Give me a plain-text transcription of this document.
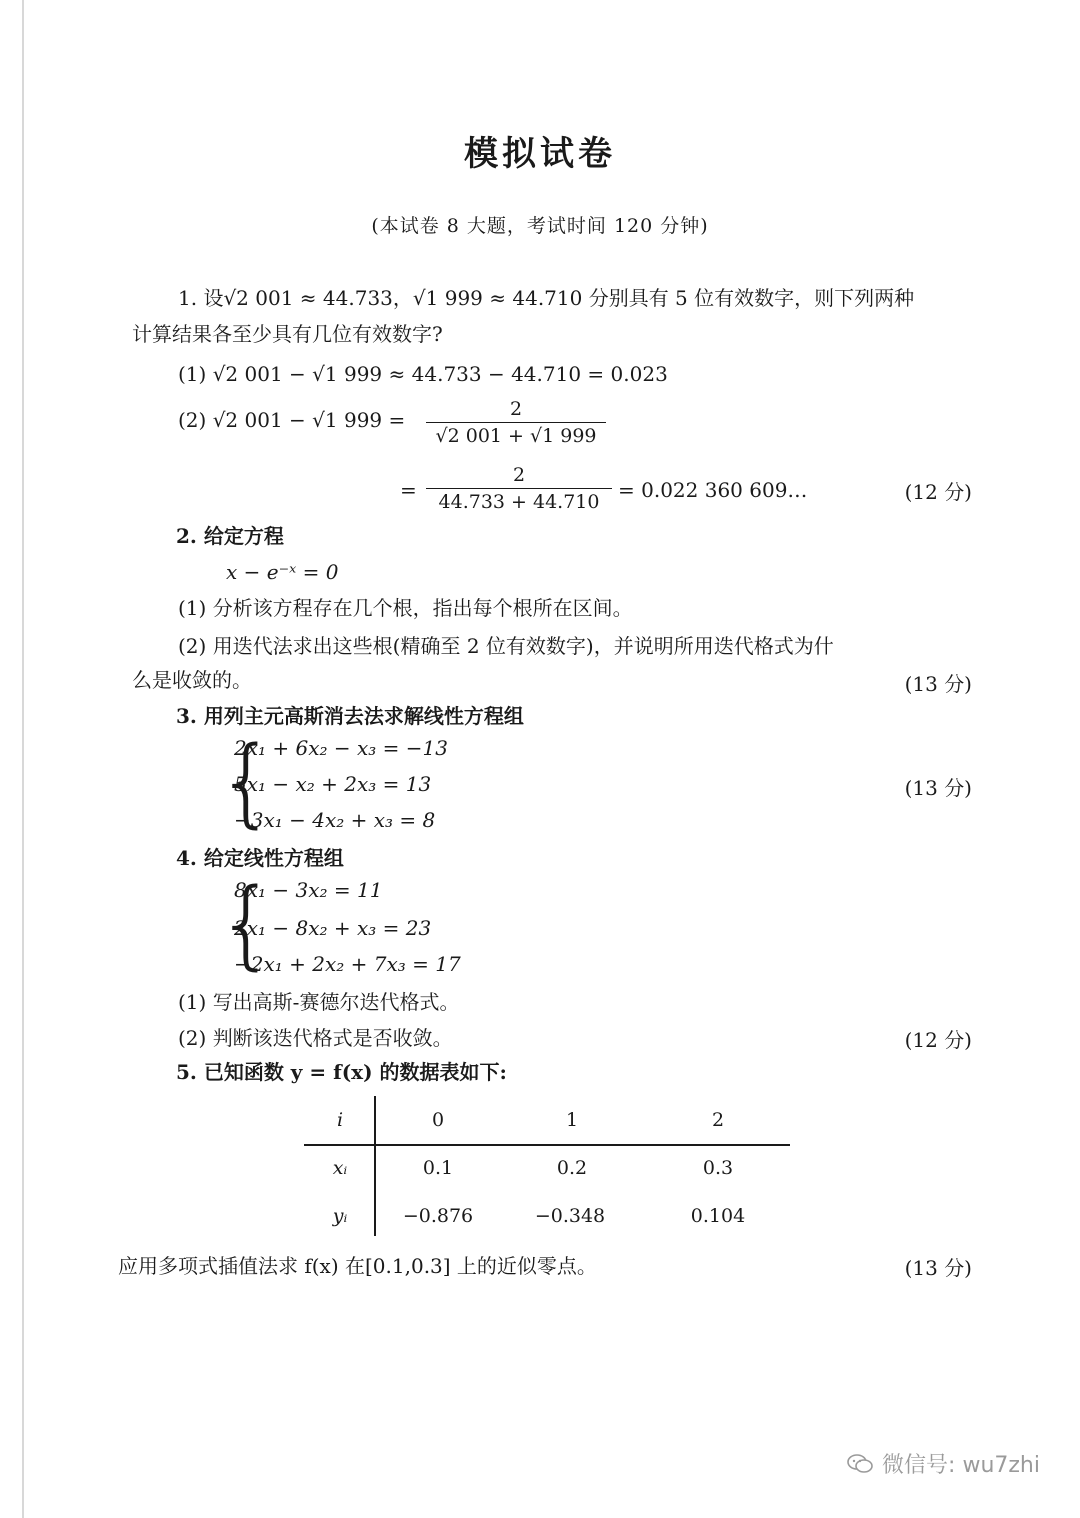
模拟试卷
(本试卷 8 大题，考试时间 120 分钟)
1. 设√2 001 ≈ 44.733，√1 999 ≈ 44.710 分别具有 5 位有效数字，则下列两种
计算结果各至少具有几位有效数字?
(1) √2 001 − √1 999 ≈ 44.733 − 44.710 = 0.023
(2) √2 001 − √1 999 =	2
√2 001 + √1 999
=
2
44.733 + 44.710 = 0.022 360 609…	(12 分)
2. 给定方程
x − e⁻ˣ = 0
(1) 分析该方程存在几个根，指出每个根所在区间。
(2) 用迭代法求出这些根(精确至 2 位有效数字)，并说明所用迭代格式为什
么是收敛的。	(13 分)
3. 用列主元高斯消去法求解线性方程组
{
2x₁ + 6x₂ − x₃ = −13
5x₁ − x₂ + 2x₃ = 13
−3x₁ − 4x₂ + x₃ = 8
(13 分)
4. 给定线性方程组
{
8x₁ − 3x₂ = 11
2x₁ − 8x₂ + x₃ = 23
−2x₁ + 2x₂ + 7x₃ = 17
(1) 写出高斯-赛德尔迭代格式。
(2) 判断该迭代格式是否收敛。	(12 分)
5. 已知函数 y = f(x) 的数据表如下:
i	0	1	2
xᵢ	0.1	0.2	0.3
yᵢ	−0.876	−0.348	0.104
应用多项式插值法求 f(x) 在[0.1,0.3] 上的近似零点。	(13 分)
微信号: wu7zhi
